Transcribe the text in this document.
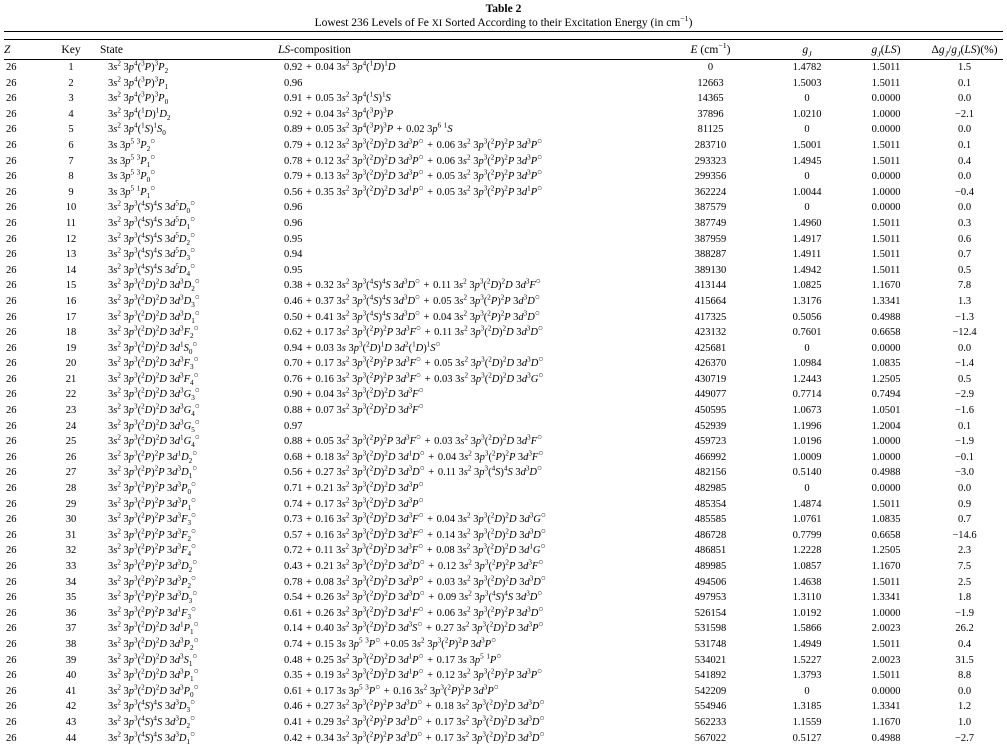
Table 2
Lowest 236 Levels of Fe XI Sorted According to their Excitation Energy (in $cm^{-1}$)
Z	Key	State	LS-composition	E $(cm^{-1})$	$g_J$	$g_J(LS)$	$\Delta g_J/g_J(LS)(\%)$
26	1	$3s^2$ $3p^4(^3P)^3P_2$	0.92 + 0.04 $3s^2$ $3p^4(^1D)^1D$	0	1.4782	1.5011	1.5
26	2	$3s^2$ $3p^4(^3P)^3P_1$	0.96	12663	1.5003	1.5011	0.1
26	3	$3s^2$ $3p^4(^3P)^3P_0$	0.91 + 0.05 $3s^2$ $3p^4(^1S)^1S$	14365	0	0.0000	0.0
26	4	$3s^2$ $3p^4(^1D)^1D_2$	0.92 + 0.04 $3s^2$ $3p^4(^3P)^3P$	37896	1.0210	1.0000	−2.1
26	5	$3s^2$ $3p^4(^1S)^1S_0$	0.89 + 0.05 $3s^2$ $3p^4(^3P)^3P + 0.02$ $3p^6$ $^1$S	81125	0	0.0000	0.0
26	6	3s $3p^5$ $^3P_2^○$	0.79 + 0.12 $3s^2$ $3p^3(^2D)^2D$ $3d^3P^○ + 0.06$ $3s^2$ $3p^3(^2P)^2P$ $3d^3P^○$	283710	1.5001	1.5011	0.1
26	7	3s $3p^5$ $^3P_1^○$	0.78 + 0.12 $3s^2$ $3p^3(^2D)^2D$ $3d^3P^○ + 0.06$ $3s^2$ $3p^3(^2P)^2P$ $3d^3P^○$	293323	1.4945	1.5011	0.4
26	8	3s $3p^5$ $^3P_0^○$	0.79 + 0.13 $3s^2$ $3p^3(^2D)^2D$ $3d^3P^○ + 0.05$ $3s^2$ $3p^3(^2P)^2P$ $3d^3P^○$	299356	0	0.0000	0.0
26	9	3s $3p^5$ $^1P_1^○$	0.56 + 0.35 $3s^2$ $3p^3(^2D)^2D$ $3d^1P^○ + 0.05$ $3s^2$ $3p^3(^2P)^2P$ $3d^1P^○$	362224	1.0044	1.0000	−0.4
26	10	$3s^2$ $3p^3(^4S)^4S$ $3d^5D_0^○$	0.96	387579	0	0.0000	0.0
26	11	$3s^2$ $3p^3(^4S)^4S$ $3d^5D_1^○$	0.96	387749	1.4960	1.5011	0.3
26	12	$3s^2$ $3p^3(^4S)^4S$ $3d^5D_2^○$	0.95	387959	1.4917	1.5011	0.6
26	13	$3s^2$ $3p^3(^4S)^4S$ $3d^5D_3^○$	0.94	388287	1.4911	1.5011	0.7
26	14	$3s^2$ $3p^3(^4S)^4S$ $3d^5D_4^○$	0.95	389130	1.4942	1.5011	0.5
26	15	$3s^2$ $3p^3(^2D)^2D$ $3d^3D_2^○$	0.38 + 0.32 $3s^2$ $3p^3(^4S)^4S$ $3d^3D^○ + 0.11$ $3s^2$ $3p^3(^2D)^2D$ $3d^3F^○$	413144	1.0825	1.1670	7.8
26	16	$3s^2$ $3p^3(^2D)^2D$ $3d^3D_3^○$	0.46 + 0.37 $3s^2$ $3p^3(^4S)^4S$ $3d^3D^○ + 0.05$ $3s^2$ $3p^3(^2P)^2P$ $3d^3D^○$	415664	1.3176	1.3341	1.3
26	17	$3s^2$ $3p^3(^2D)^2D$ $3d^3D_1^○$	0.50 + 0.41 $3s^2$ $3p^3(^4S)^4S$ $3d^3D^○ + 0.04$ $3s^2$ $3p^3(^2P)^2P$ $3d^3D^○$	417325	0.5056	0.4988	−1.3
26	18	$3s^2$ $3p^3(^2D)^2D$ $3d^3F_2^○$	0.62 + 0.17 $3s^2$ $3p^3(^2P)^2P$ $3d^3F^○ + 0.11$ $3s^2$ $3p^3(^2D)^2D$ $3d^3D^○$	423132	0.7601	0.6658	−12.4
26	19	$3s^2$ $3p^3(^2D)^2D$ $3d^1S_0^○$	0.94 + 0.03 3s $3p^3(^2D)^1D$ $3d^2(^1D)^1S^○$	425681	0	0.0000	0.0
26	20	$3s^2$ $3p^3(^2D)^2D$ $3d^3F_3^○$	0.70 + 0.17 $3s^2$ $3p^3(^2P)^2P$ $3d^3F^○ + 0.05$ $3s^2$ $3p^3(^2D)^2D$ $3d^3D^○$	426370	1.0984	1.0835	−1.4
26	21	$3s^2$ $3p^3(^2D)^2D$ $3d^3F_4^○$	0.76 + 0.16 $3s^2$ $3p^3(^2P)^2P$ $3d^3F^○ + 0.03$ $3s^2$ $3p^3(^2D)^2D$ $3d^3G^○$	430719	1.2443	1.2505	0.5
26	22	$3s^2$ $3p^3(^2D)^2D$ $3d^3G_3^○$	0.90 + 0.04 $3s^2$ $3p^3(^2D)^2D$ $3d^3F^○$	449077	0.7714	0.7494	−2.9
26	23	$3s^2$ $3p^3(^2D)^2D$ $3d^3G_4^○$	0.88 + 0.07 $3s^2$ $3p^3(^2D)^2D$ $3d^3F^○$	450595	1.0673	1.0501	−1.6
26	24	$3s^2$ $3p^3(^2D)^2D$ $3d^3G_5^○$	0.97	452939	1.1996	1.2004	0.1
26	25	$3s^2$ $3p^3(^2D)^2D$ $3d^1G_4^○$	0.88 + 0.05 $3s^2$ $3p^3(^2P)^2P$ $3d^3F^○ + 0.03$ $3s^2$ $3p^3(^2D)^2D$ $3d^3F^○$	459723	1.0196	1.0000	−1.9
26	26	$3s^2$ $3p^3(^2P)^2P$ $3d^1D_2^○$	0.68 + 0.18 $3s^2$ $3p^3(^2D)^2D$ $3d^1D^○ + 0.04$ $3s^2$ $3p^3(^2P)^2P$ $3d^3F^○$	466992	1.0009	1.0000	−0.1
26	27	$3s^2$ $3p^3(^2P)^2P$ $3d^3D_1^○$	0.56 + 0.27 $3s^2$ $3p^3(^2D)^2D$ $3d^3D^○ + 0.11$ $3s^2$ $3p^3(^4S)^4S$ $3d^3D^○$	482156	0.5140	0.4988	−3.0
26	28	$3s^2$ $3p^3(^2P)^2P$ $3d^3P_0^○$	0.71 + 0.21 $3s^2$ $3p^3(^2D)^2D$ $3d^3P^○$	482985	0	0.0000	0.0
26	29	$3s^2$ $3p^3(^2P)^2P$ $3d^3P_1^○$	0.74 + 0.17 $3s^2$ $3p^3(^2D)^2D$ $3d^3P^○$	485354	1.4874	1.5011	0.9
26	30	$3s^2$ $3p^3(^2P)^2P$ $3d^3F_3^○$	0.73 + 0.16 $3s^2$ $3p^3(^2D)^2D$ $3d^3F^○ + 0.04$ $3s^2$ $3p^3(^2D)^2D$ $3d^3G^○$	485585	1.0761	1.0835	0.7
26	31	$3s^2$ $3p^3(^2P)^2P$ $3d^3F_2^○$	0.57 + 0.16 $3s^2$ $3p^3(^2D)^2D$ $3d^3F^○ + 0.14$ $3s^2$ $3p^3(^2D)^2D$ $3d^3D^○$	486728	0.7799	0.6658	−14.6
26	32	$3s^2$ $3p^3(^2P)^2P$ $3d^3F_4^○$	0.72 + 0.11 $3s^2$ $3p^3(^2D)^2D$ $3d^3F^○ + 0.08$ $3s^2$ $3p^3(^2D)^2D$ $3d^1G^○$	486851	1.2228	1.2505	2.3
26	33	$3s^2$ $3p^3(^2P)^2P$ $3d^3D_2^○$	0.43 + 0.21 $3s^2$ $3p^3(^2D)^2D$ $3d^3D^○ + 0.12$ $3s^2$ $3p^3(^2P)^2P$ $3d^3F^○$	489985	1.0857	1.1670	7.5
26	34	$3s^2$ $3p^3(^2P)^2P$ $3d^3P_2^○$	0.78 + 0.08 $3s^2$ $3p^3(^2D)^2D$ $3d^3P^○ + 0.03$ $3s^2$ $3p^3(^2D)^2D$ $3d^3D^○$	494506	1.4638	1.5011	2.5
26	35	$3s^2$ $3p^3(^2P)^2P$ $3d^3D_3^○$	0.54 + 0.26 $3s^2$ $3p^3(^2D)^2D$ $3d^3D^○ + 0.09$ $3s^2$ $3p^3(^4S)^4S$ $3d^3D^○$	497953	1.3110	1.3341	1.8
26	36	$3s^2$ $3p^3(^2P)^2P$ $3d^1F_3^○$	0.61 + 0.26 $3s^2$ $3p^3(^2D)^2D$ $3d^1F^○ + 0.06$ $3s^2$ $3p^3(^2P)^2P$ $3d^3D^○$	526154	1.0192	1.0000	−1.9
26	37	$3s^2$ $3p^3(^2D)^2D$ $3d^1P_1^○$	0.14 + 0.40 $3s^2$ $3p^3(^2D)^2D$ $3d^3S^○ + 0.27$ $3s^2$ $3p^3(^2D)^2D$ $3d^3P^○$	531598	1.5866	2.0023	26.2
26	38	$3s^2$ $3p^3(^2D)^2D$ $3d^3P_2^○$	0.74 + 0.15 3s $3p^5$ $^3$P○ +0.05 $3s^2$ $3p^3(^2P)^2P$ $3d^3P^○$	531748	1.4949	1.5011	0.4
26	39	$3s^2$ $3p^3(^2D)^2D$ $3d^3S_1^○$	0.48 + 0.25 $3s^2$ $3p^3(^2D)^2D$ $3d^1P^○ + 0.17$ 3s $3p^5$ $^1$P○	534021	1.5227	2.0023	31.5
26	40	$3s^2$ $3p^3(^2D)^2D$ $3d^3P_1^○$	0.35 + 0.19 $3s^2$ $3p^3(^2D)^2D$ $3d^1P^○ + 0.12$ $3s^2$ $3p^3(^2P)^2P$ $3d^3P^○$	541892	1.3793	1.5011	8.8
26	41	$3s^2$ $3p^3(^2D)^2D$ $3d^3P_0^○$	0.61 + 0.17 3s $3p^5$ $^3$P○ + 0.16 $3s^2$ $3p^3(^2P)^2P$ $3d^3P^○$	542209	0	0.0000	0.0
26	42	$3s^2$ $3p^3(^4S)^4S$ $3d^3D_3^○$	0.46 + 0.27 $3s^2$ $3p^3(^2P)^2P$ $3d^3D^○ + 0.18$ $3s^2$ $3p^3(^2D)^2D$ $3d^3D^○$	554946	1.3185	1.3341	1.2
26	43	$3s^2$ $3p^3(^4S)^4S$ $3d^3D_2^○$	0.41 + 0.29 $3s^2$ $3p^3(^2P)^2P$ $3d^3D^○ + 0.17$ $3s^2$ $3p^3(^2D)^2D$ $3d^3D^○$	562233	1.1559	1.1670	1.0
26	44	$3s^2$ $3p^3(^4S)^4S$ $3d^3D_1^○$	0.42 + 0.34 $3s^2$ $3p^3(^2P)^2P$ $3d^3D^○ + 0.17$ $3s^2$ $3p^3(^2D)^2D$ $3d^3D^○$	567022	0.5127	0.4988	−2.7
